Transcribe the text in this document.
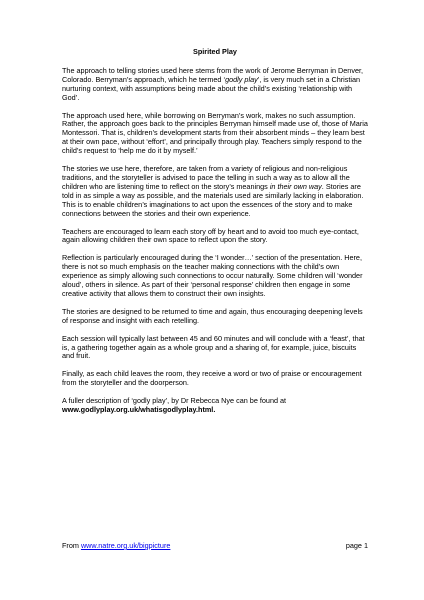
Spirited Play

The approach to telling stories used here stems from the work of Jerome Berryman in Denver, Colorado. Berryman’s approach, which he termed ‘godly play’, is very much set in a Christian nurturing context, with assumptions being made about the child’s existing ‘relationship with God’.

The approach used here, while borrowing on Berryman’s work, makes no such assumption. Rather, the approach goes back to the principles Berryman himself made use of, those of Maria Montessori. That is, children’s development starts from their absorbent minds – they learn best at their own pace, without ‘effort’, and principally through play. Teachers simply respond to the child’s request to ‘help me do it by myself.’

The stories we use here, therefore, are taken from a variety of religious and non-religious traditions, and the storyteller is advised to pace the telling in such a way as to allow all the children who are listening time to reflect on the story’s meanings in their own way. Stories are told in as simple a way as possible, and the materials used are similarly lacking in elaboration. This is to enable children’s imaginations to act upon the essences of the story and to make connections between the stories and their own experience.

Teachers are encouraged to learn each story off by heart and to avoid too much eye-contact, again allowing children their own space to reflect upon the story.

Reflection is particularly encouraged during the ‘I wonder…’ section of the presentation. Here, there is not so much emphasis on the teacher making connections with the child’s own experience as simply allowing such connections to occur naturally. Some children will ‘wonder aloud’, others in silence. As part of their ‘personal response’ children then engage in some creative activity that allows them to construct their own insights.

The stories are designed to be returned to time and again, thus encouraging deepening levels of response and insight with each retelling.

Each session will typically last between 45 and 60 minutes and will conclude with a ‘feast’, that is, a gathering together again as a whole group and a sharing of, for example, juice, biscuits and fruit.

Finally, as each child leaves the room, they receive a word or two of praise or encouragement from the storyteller and the doorperson.

A fuller description of ‘godly play’, by Dr Rebecca Nye can be found at
www.godlyplay.org.uk/whatisgodlyplay.html.

From www.natre.org.uk/bigpicture	page 1
